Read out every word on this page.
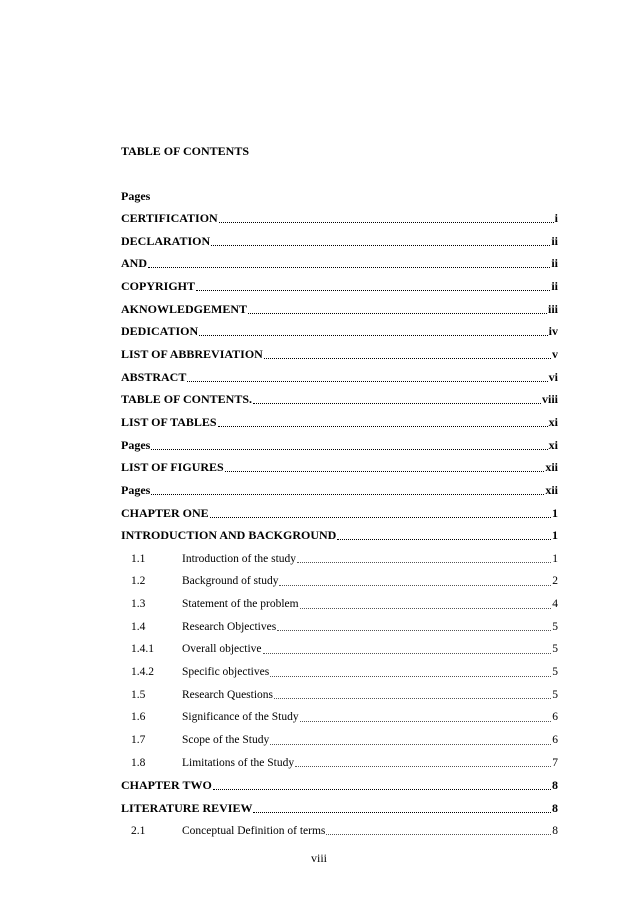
TABLE OF CONTENTS
Pages
CERTIFICATION	i
DECLARATION	ii
AND	ii
COPYRIGHT	ii
AKNOWLEDGEMENT	iii
DEDICATION	iv
LIST OF ABBREVIATION	v
ABSTRACT	vi
TABLE OF CONTENTS.	viii
LIST OF TABLES	xi
Pages	xi
LIST OF FIGURES	xii
Pages	xii
CHAPTER ONE	1
INTRODUCTION AND BACKGROUND	1
1.1	Introduction of the study	1
1.2	Background of study	2
1.3	Statement of the problem	4
1.4	Research Objectives	5
1.4.1	Overall objective	5
1.4.2	Specific objectives	5
1.5	Research Questions	5
1.6	Significance of the Study	6
1.7	Scope of the Study	6
1.8	Limitations of the Study	7
CHAPTER TWO	8
LITERATURE REVIEW	8
2.1	Conceptual Definition of terms	8
viii
